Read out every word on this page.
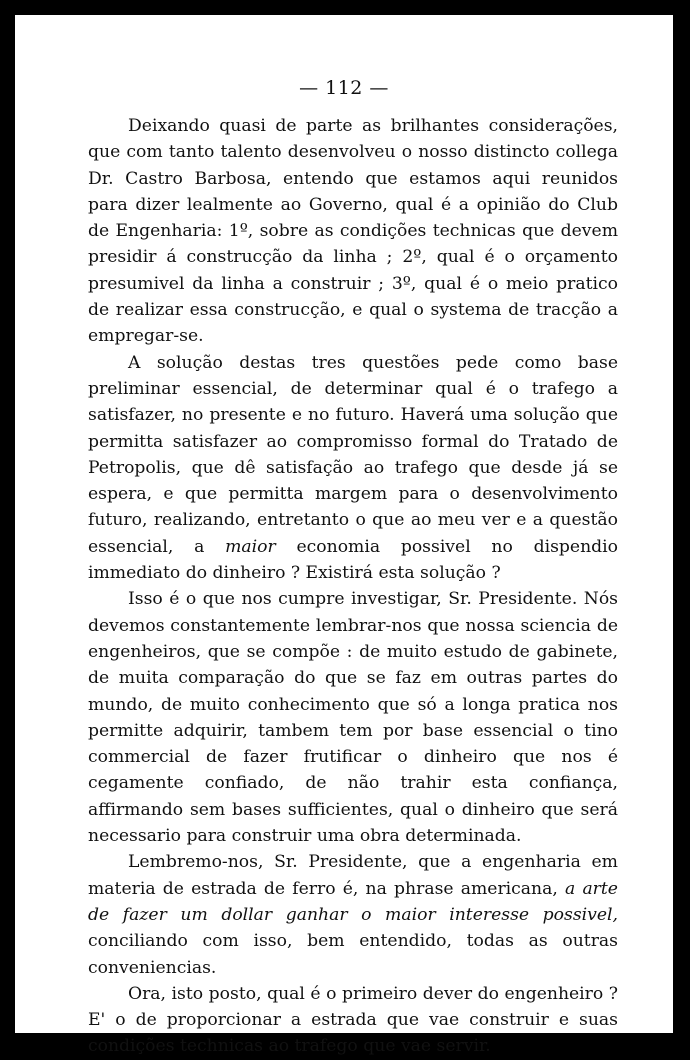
— 112 —

Deixando quasi de parte as brilhantes considerações, que com tanto talento desenvolveu o nosso distincto collega Dr. Castro Barbosa, entendo que estamos aqui reunidos para dizer lealmente ao Governo, qual é a opinião do Club de Engenharia: 1º, sobre as condições technicas que devem presidir á construcção da linha ; 2º, qual é o orçamento presumivel da linha a construir ; 3º, qual é o meio pratico de realizar essa construcção, e qual o systema de tracção a empregar-se.

A solução destas tres questões pede como base preliminar essencial, de determinar qual é o trafego a satisfazer, no presente e no futuro. Haverá uma solução que permitta satisfazer ao compromisso formal do Tratado de Petropolis, que dê satisfação ao trafego que desde já se espera, e que permitta margem para o desenvolvimento futuro, realizando, entretanto o que ao meu ver e a questão essencial, a maior economia possivel no dispendio immediato do dinheiro ? Existirá esta solução ?

Isso é o que nos cumpre investigar, Sr. Presidente. Nós devemos constantemente lembrar-nos que nossa sciencia de engenheiros, que se compõe : de muito estudo de gabinete, de muita comparação do que se faz em outras partes do mundo, de muito conhecimento que só a longa pratica nos permitte adquirir, tambem tem por base essencial o tino commercial de fazer frutificar o dinheiro que nos é cegamente confiado, de não trahir esta confiança, affirmando sem bases sufficientes, qual o dinheiro que será necessario para construir uma obra determinada.

Lembremo-nos, Sr. Presidente, que a engenharia em materia de estrada de ferro é, na phrase americana, a arte de fazer um dollar ganhar o maior interesse possivel, conciliando com isso, bem entendido, todas as outras conveniencias.

Ora, isto posto, qual é o primeiro dever do engenheiro ? E' o de proporcionar a estrada que vae construir e suas condições technicas ao trafego que vae servir.
